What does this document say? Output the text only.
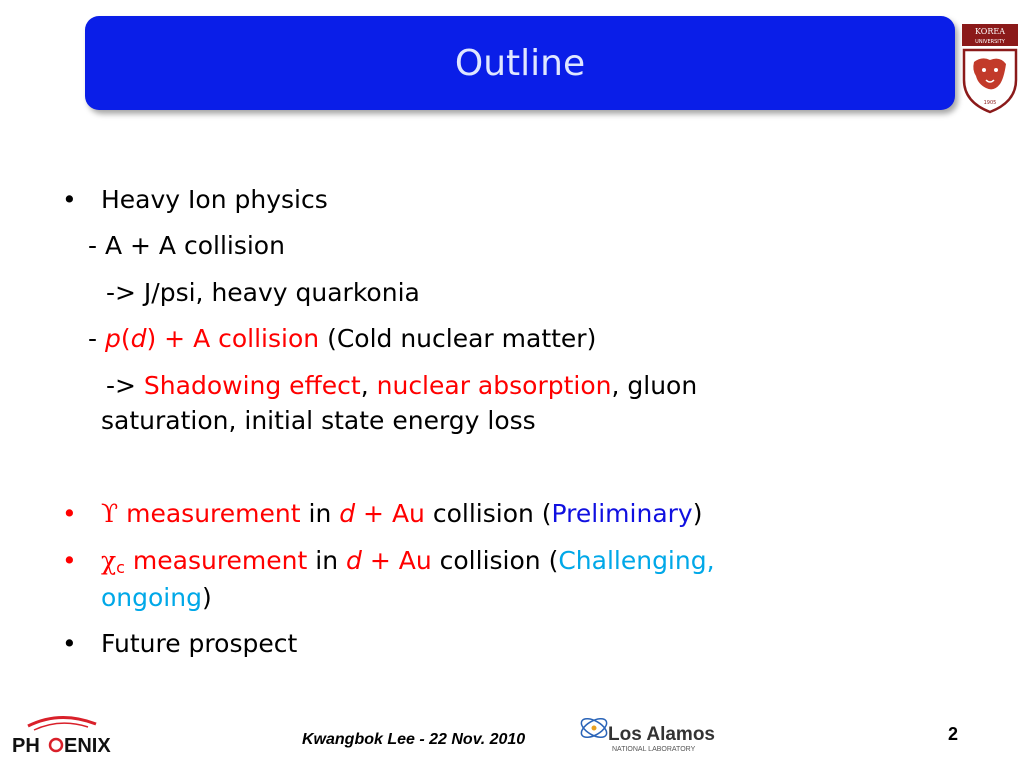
Outline
KOREA
UNIVERSITY
1905
• Heavy Ion physics
- A + A collision
-> J/psi, heavy quarkonia
- p(d) + A collision (Cold nuclear matter)
-> Shadowing effect, nuclear absorption, gluon
saturation, initial state energy loss
• ϒ measurement in d + Au collision (Preliminary)
• $\chi_c$ measurement in d + Au collision (Challenging,
ongoing)
• Future prospect
PH ENIX	Kwangbok Lee - 22 Nov. 2010	Los Alamos
NATIONAL LABORATORY
2
